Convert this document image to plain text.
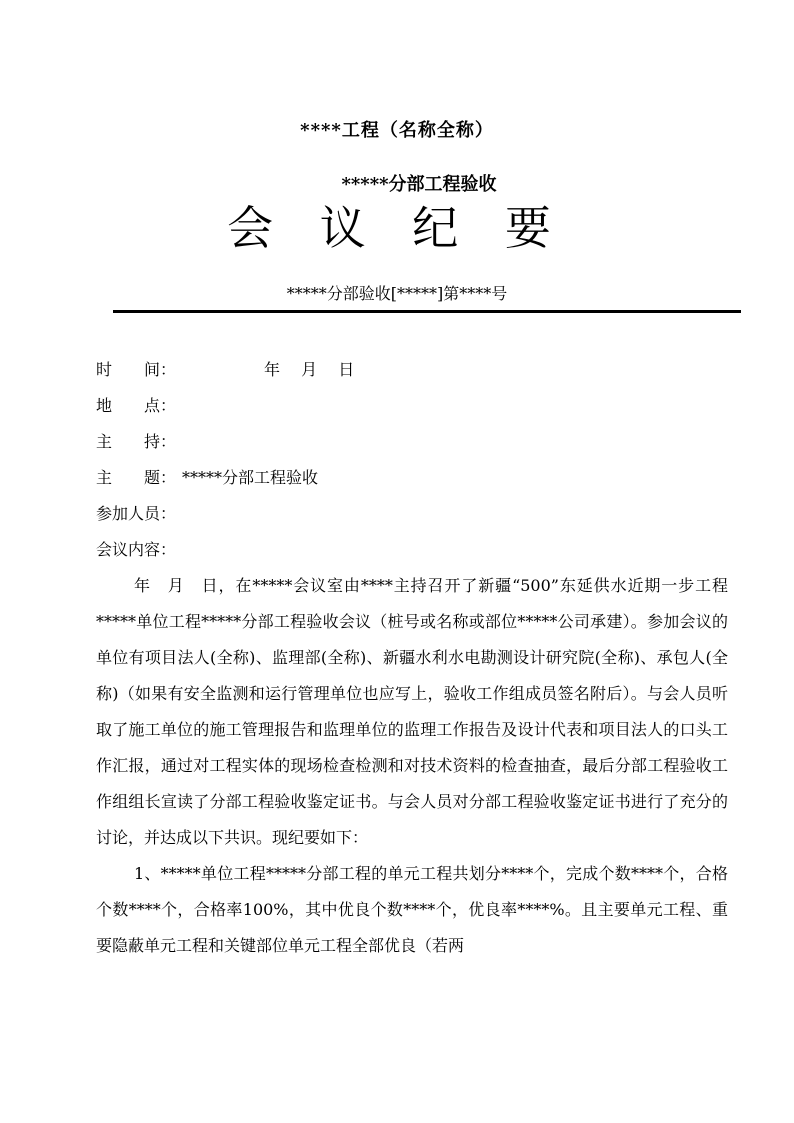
****工程（名称全称）
*****分部工程验收
会 议 纪 要
*****分部验收[*****]第****号
时　　间：	年　 月　 日
地　　点：
主　　持：
主　　题： *****分部工程验收
参加人员：
会议内容：

年　月　日，在*****会议室由****主持召开了新疆“500”东延供水近期一步工程*****单位工程*****分部工程验收会议（桩号或名称或部位*****公司承建）。参加会议的单位有项目法人(全称)、监理部(全称)、新疆水利水电勘测设计研究院(全称)、承包人(全称)（如果有安全监测和运行管理单位也应写上，验收工作组成员签名附后）。与会人员听取了施工单位的施工管理报告和监理单位的监理工作报告及设计代表和项目法人的口头工作汇报，通过对工程实体的现场检查检测和对技术资料的检查抽查，最后分部工程验收工作组组长宣读了分部工程验收鉴定证书。与会人员对分部工程验收鉴定证书进行了充分的讨论，并达成以下共识。现纪要如下：

1、*****单位工程*****分部工程的单元工程共划分****个，完成个数****个，合格个数****个，合格率100%，其中优良个数****个，优良率****%。且主要单元工程、重要隐蔽单元工程和关键部位单元工程全部优良（若两
